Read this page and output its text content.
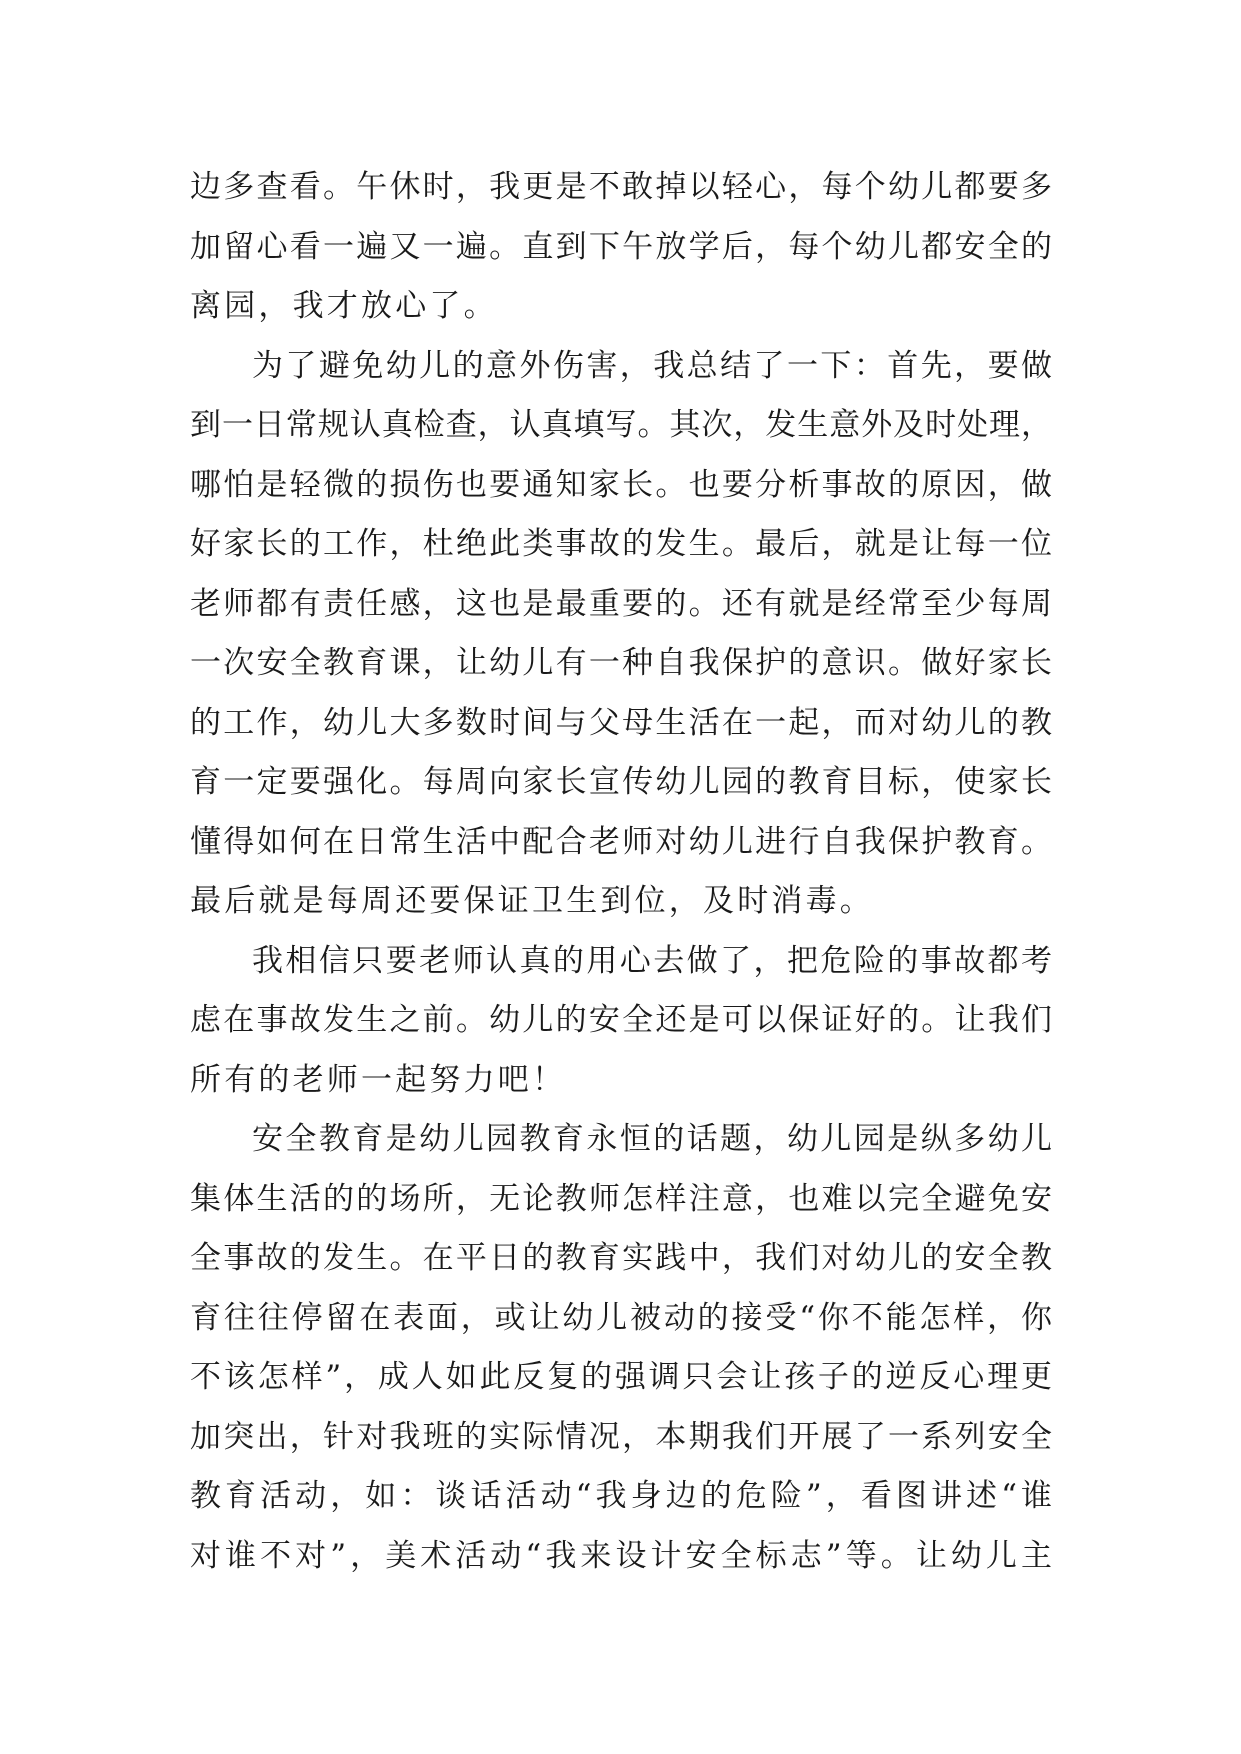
边多查看。午休时，我更是不敢掉以轻心，每个幼儿都要多
加留心看一遍又一遍。直到下午放学后，每个幼儿都安全的
离园，我才放心了。
为了避免幼儿的意外伤害，我总结了一下：首先，要做
到一日常规认真检查，认真填写。其次，发生意外及时处理，
哪怕是轻微的损伤也要通知家长。也要分析事故的原因，做
好家长的工作，杜绝此类事故的发生。最后，就是让每一位
老师都有责任感，这也是最重要的。还有就是经常至少每周
一次安全教育课，让幼儿有一种自我保护的意识。做好家长
的工作，幼儿大多数时间与父母生活在一起，而对幼儿的教
育一定要强化。每周向家长宣传幼儿园的教育目标，使家长
懂得如何在日常生活中配合老师对幼儿进行自我保护教育。
最后就是每周还要保证卫生到位，及时消毒。
我相信只要老师认真的用心去做了，把危险的事故都考
虑在事故发生之前。幼儿的安全还是可以保证好的。让我们
所有的老师一起努力吧！
安全教育是幼儿园教育永恒的话题，幼儿园是纵多幼儿
集体生活的的场所，无论教师怎样注意，也难以完全避免安
全事故的发生。在平日的教育实践中，我们对幼儿的安全教
育往往停留在表面，或让幼儿被动的接受“你不能怎样，你
不该怎样”，成人如此反复的强调只会让孩子的逆反心理更
加突出，针对我班的实际情况，本期我们开展了一系列安全
教育活动，如：谈话活动“我身边的危险”，看图讲述“谁
对谁不对”，美术活动“我来设计安全标志”等。让幼儿主
